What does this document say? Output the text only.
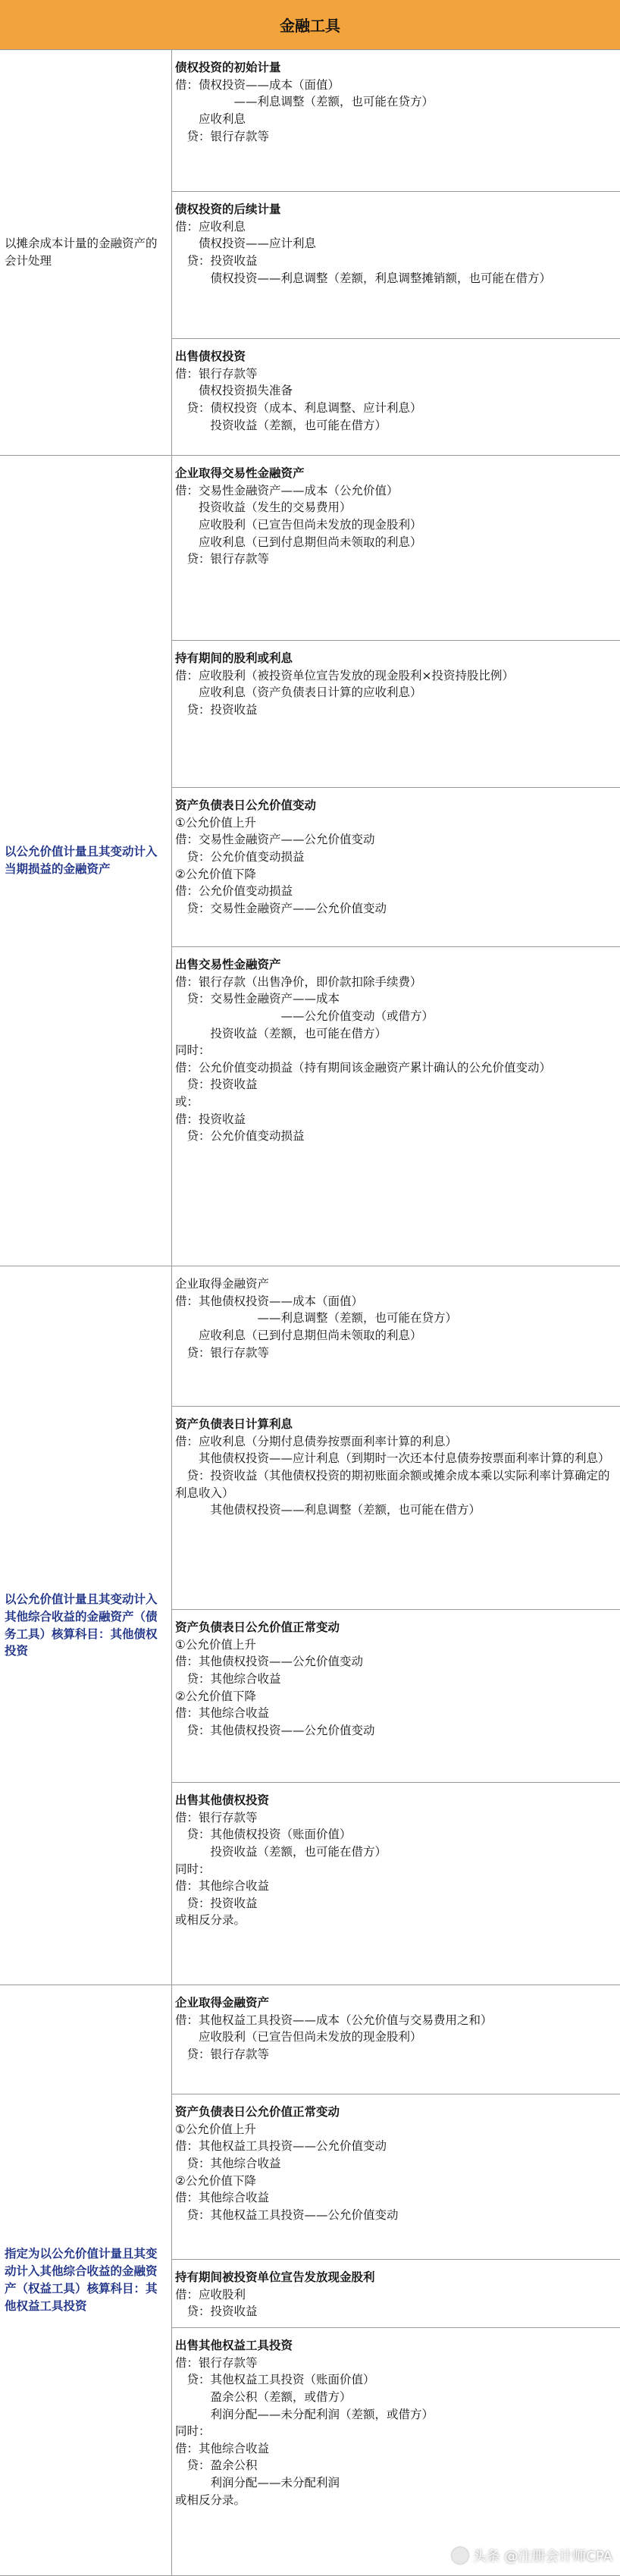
金融工具
以摊余成本计量的金融资产的会计处理
以公允价值计量且其变动计入当期损益的金融资产
以公允价值计量且其变动计入其他综合收益的金融资产（债务工具）核算科目：其他债权投资
指定为以公允价值计量且其变动计入其他综合收益的金融资产（权益工具）核算科目：其他权益工具投资
债权投资的初始计量
借：债权投资——成本（面值）
　　　　　——利息调整（差额，也可能在贷方）
　　应收利息
　贷：银行存款等
债权投资的后续计量
借：应收利息
　　债权投资——应计利息
　贷：投资收益
　　　债权投资——利息调整（差额，利息调整摊销额，也可能在借方）
出售债权投资
借：银行存款等
　　债权投资损失准备
　贷：债权投资（成本、利息调整、应计利息）
　　　投资收益（差额，也可能在借方）
企业取得交易性金融资产
借：交易性金融资产——成本（公允价值）
　　投资收益（发生的交易费用）
　　应收股利（已宣告但尚未发放的现金股利）
　　应收利息（已到付息期但尚未领取的利息）
　贷：银行存款等
持有期间的股利或利息
借：应收股利（被投资单位宣告发放的现金股利×投资持股比例）
　　应收利息（资产负债表日计算的应收利息）
　贷：投资收益
资产负债表日公允价值变动
①公允价值上升
借：交易性金融资产——公允价值变动
　贷：公允价值变动损益
②公允价值下降
借：公允价值变动损益
　贷：交易性金融资产——公允价值变动
出售交易性金融资产
借：银行存款（出售净价，即价款扣除手续费）
　贷：交易性金融资产——成本
　　　　　　　　　——公允价值变动（或借方）
　　　投资收益（差额，也可能在借方）
同时：
借：公允价值变动损益（持有期间该金融资产累计确认的公允价值变动）
　贷：投资收益
或：
借：投资收益
　贷：公允价值变动损益
企业取得金融资产
借：其他债权投资——成本（面值）
　　　　　　　——利息调整（差额，也可能在贷方）
　　应收利息（已到付息期但尚未领取的利息）
　贷：银行存款等
资产负债表日计算利息
借：应收利息（分期付息债券按票面利率计算的利息）
　　其他债权投资——应计利息（到期时一次还本付息债券按票面利率计算的利息）
　贷：投资收益（其他债权投资的期初账面余额或摊余成本乘以实际利率计算确定的利息收入）
　　　其他债权投资——利息调整（差额，也可能在借方）
资产负债表日公允价值正常变动
①公允价值上升
借：其他债权投资——公允价值变动
　贷：其他综合收益
②公允价值下降
借：其他综合收益
　贷：其他债权投资——公允价值变动
出售其他债权投资
借：银行存款等
　贷：其他债权投资（账面价值）
　　　投资收益（差额，也可能在借方）
同时：
借：其他综合收益
　贷：投资收益
或相反分录。
企业取得金融资产
借：其他权益工具投资——成本（公允价值与交易费用之和）
　　应收股利（已宣告但尚未发放的现金股利）
　贷：银行存款等
资产负债表日公允价值正常变动
①公允价值上升
借：其他权益工具投资——公允价值变动
　贷：其他综合收益
②公允价值下降
借：其他综合收益
　贷：其他权益工具投资——公允价值变动
持有期间被投资单位宣告发放现金股利
借：应收股利
　贷：投资收益
出售其他权益工具投资
借：银行存款等
　贷：其他权益工具投资（账面价值）
　　　盈余公积（差额，或借方）
　　　利润分配——未分配利润（差额，或借方）
同时：
借：其他综合收益
　贷：盈余公积
　　　利润分配——未分配利润
或相反分录。
头条 @注册会计师CPA
